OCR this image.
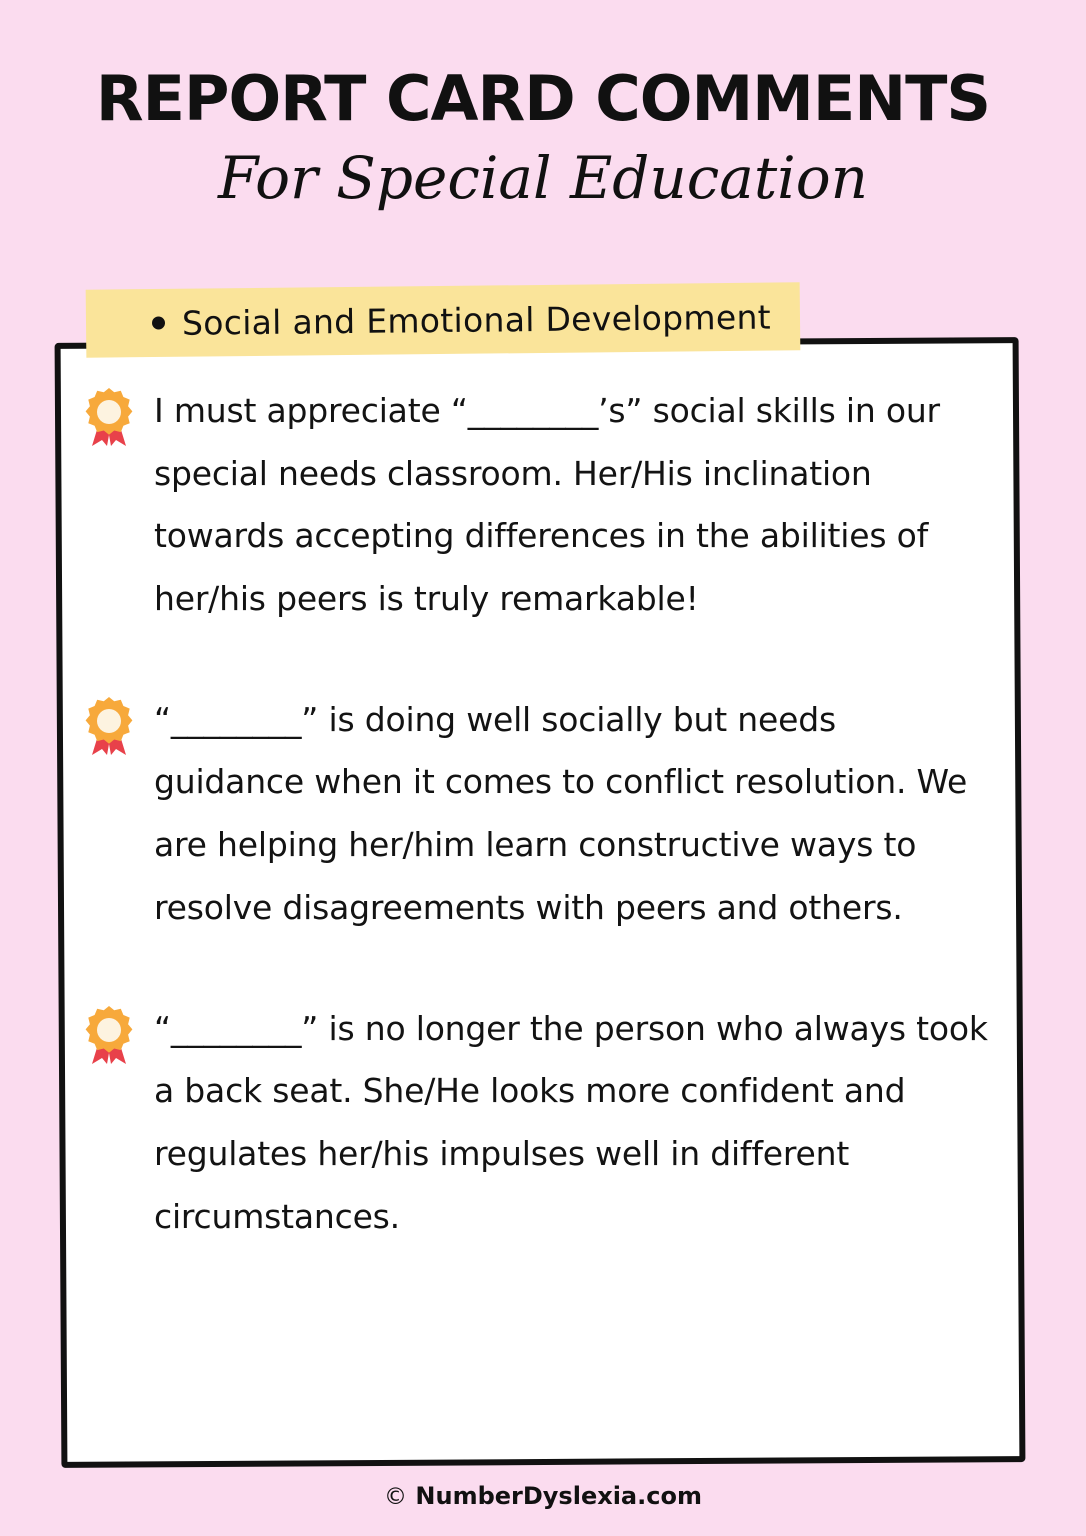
REPORT CARD COMMENTS
For Special Education
Social and Emotional Development
I must appreciate “________’s” social skills in our special needs classroom. Her/His inclination towards accepting differences in the abilities of her/his peers is truly remarkable!
“________” is doing well socially but needs guidance when it comes to conflict resolution. We are helping her/him learn constructive ways to resolve disagreements with peers and others.
“________” is no longer the person who always took a back seat. She/He looks more confident and regulates her/his impulses well in different circumstances.
© NumberDyslexia.com
